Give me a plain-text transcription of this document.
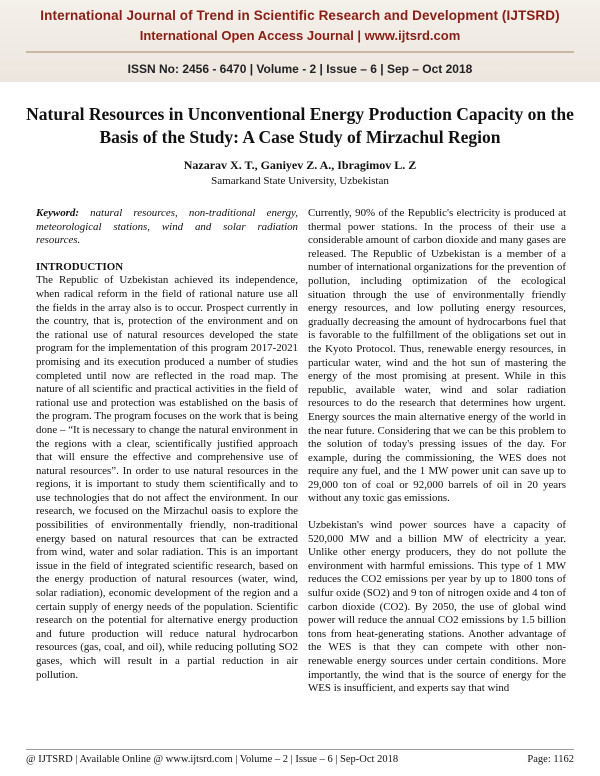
International Journal of Trend in Scientific Research and Development (IJTSRD)
International Open Access Journal | www.ijtsrd.com
ISSN No: 2456 - 6470 | Volume - 2 | Issue – 6 | Sep – Oct 2018
Natural Resources in Unconventional Energy Production Capacity on the Basis of the Study: A Case Study of Mirzachul Region
Nazarav X. T., Ganiyev Z. A., Ibragimov L. Z
Samarkand State University, Uzbekistan

Keyword: natural resources, non-traditional energy, meteorological stations, wind and solar radiation resources.

INTRODUCTION

The Republic of Uzbekistan achieved its independence, when radical reform in the field of rational nature use all the fields in the array also is to occur. Prospect currently in the country, that is, protection of the environment and on the rational use of natural resources developed the state program for the implementation of this program 2017-2021 promising and its execution produced a number of studies completed until now are reflected in the road map. The nature of all scientific and practical activities in the field of rational use and protection was established on the basis of the program. The program focuses on the work that is being done – “It is necessary to change the natural environment in the regions with a clear, scientifically justified approach that will ensure the effective and comprehensive use of natural resources”. In order to use natural resources in the regions, it is important to study them scientifically and to use technologies that do not affect the environment. In our research, we focused on the Mirzachul oasis to explore the possibilities of environmentally friendly, non-traditional energy based on natural resources that can be extracted from wind, water and solar radiation. This is an important issue in the field of integrated scientific research, based on the energy production of natural resources (water, wind, solar radiation), economic development of the region and a certain supply of energy needs of the population. Scientific research on the potential for alternative energy production and future production will reduce natural hydrocarbon resources (gas, coal, and oil), while reducing polluting SO2 gases, which will result in a partial reduction in air pollution.

Currently, 90% of the Republic's electricity is produced at thermal power stations. In the process of their use a considerable amount of carbon dioxide and many gases are released. The Republic of Uzbekistan is a member of a number of international organizations for the prevention of pollution, including optimization of the ecological situation through the use of environmentally friendly energy resources, and low polluting energy resources, gradually decreasing the amount of hydrocarbons fuel that is favorable to the fulfillment of the obligations set out in the Kyoto Protocol. Thus, renewable energy resources, in particular water, wind and the hot sun of mastering the energy of the most promising at present. While in this republic, available water, wind and solar radiation resources to do the research that determines how urgent. Energy sources the main alternative energy of the world in the near future. Considering that we can be this problem to the solution of today's pressing issues of the day. For example, during the commissioning, the WES does not require any fuel, and the 1 MW power unit can save up to 29,000 ton of coal or 92,000 barrels of oil in 20 years without any toxic gas emissions.

Uzbekistan's wind power sources have a capacity of 520,000 MW and a billion MW of electricity a year. Unlike other energy producers, they do not pollute the environment with harmful emissions. This type of 1 MW reduces the CO2 emissions per year by up to 1800 tons of sulfur oxide (SO2) and 9 ton of nitrogen oxide and 4 ton of carbon dioxide (CO2). By 2050, the use of global wind power will reduce the annual CO2 emissions by 1.5 billion tons from heat-generating stations. Another advantage of the WES is that they can compete with other non-renewable energy sources under certain conditions. More importantly, the wind that is the source of energy for the WES is insufficient, and experts say that wind

@ IJTSRD | Available Online @ www.ijtsrd.com | Volume – 2 | Issue – 6 | Sep-Oct 2018	Page: 1162
